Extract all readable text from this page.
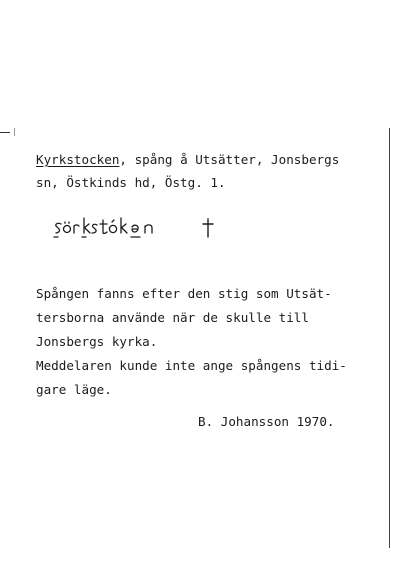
Kyrkstocken, spång å Utsätter, Jonsbergs
sn, Östkinds hd, Östg. 1.
Spången fanns efter den stig som Utsät-
tersborna använde när de skulle till
Jonsbergs kyrka.
Meddelaren kunde inte ange spångens tidi-
gare läge.
B. Johansson 1970.
